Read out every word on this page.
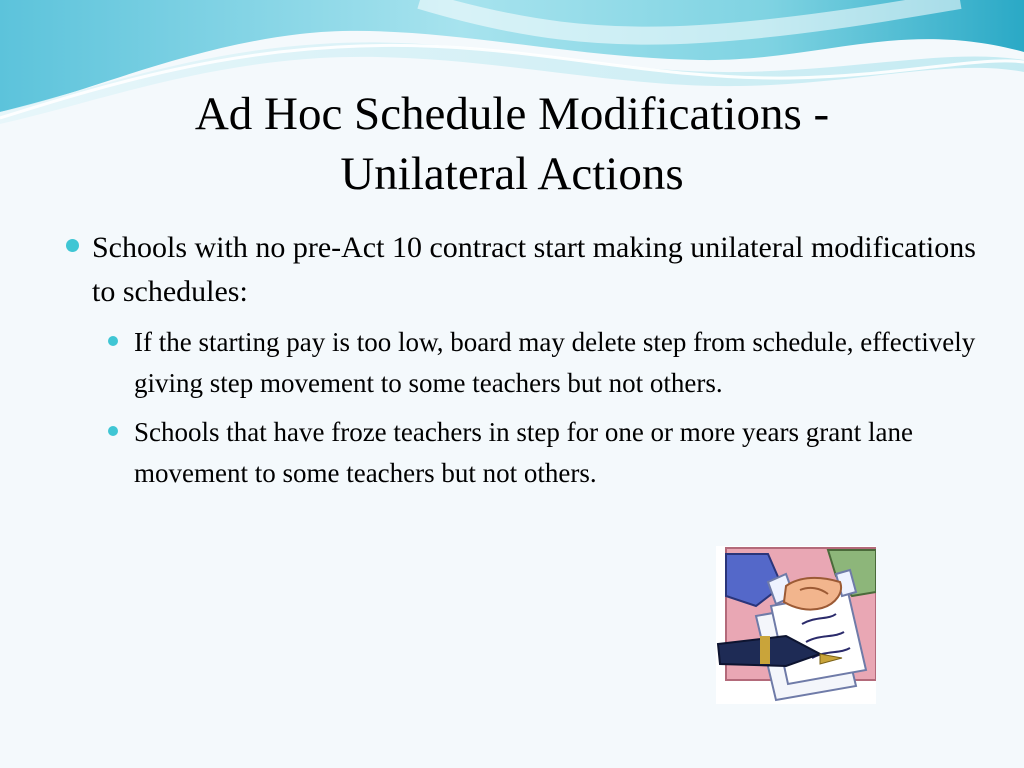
Ad Hoc Schedule Modifications -
Unilateral Actions
Schools with no pre-Act 10 contract start making unilateral modifications to schedules:
If the starting pay is too low, board may delete step from schedule, effectively giving step movement to some teachers but not others.
Schools that have froze teachers in step for one or more years grant lane movement to some teachers but not others.
